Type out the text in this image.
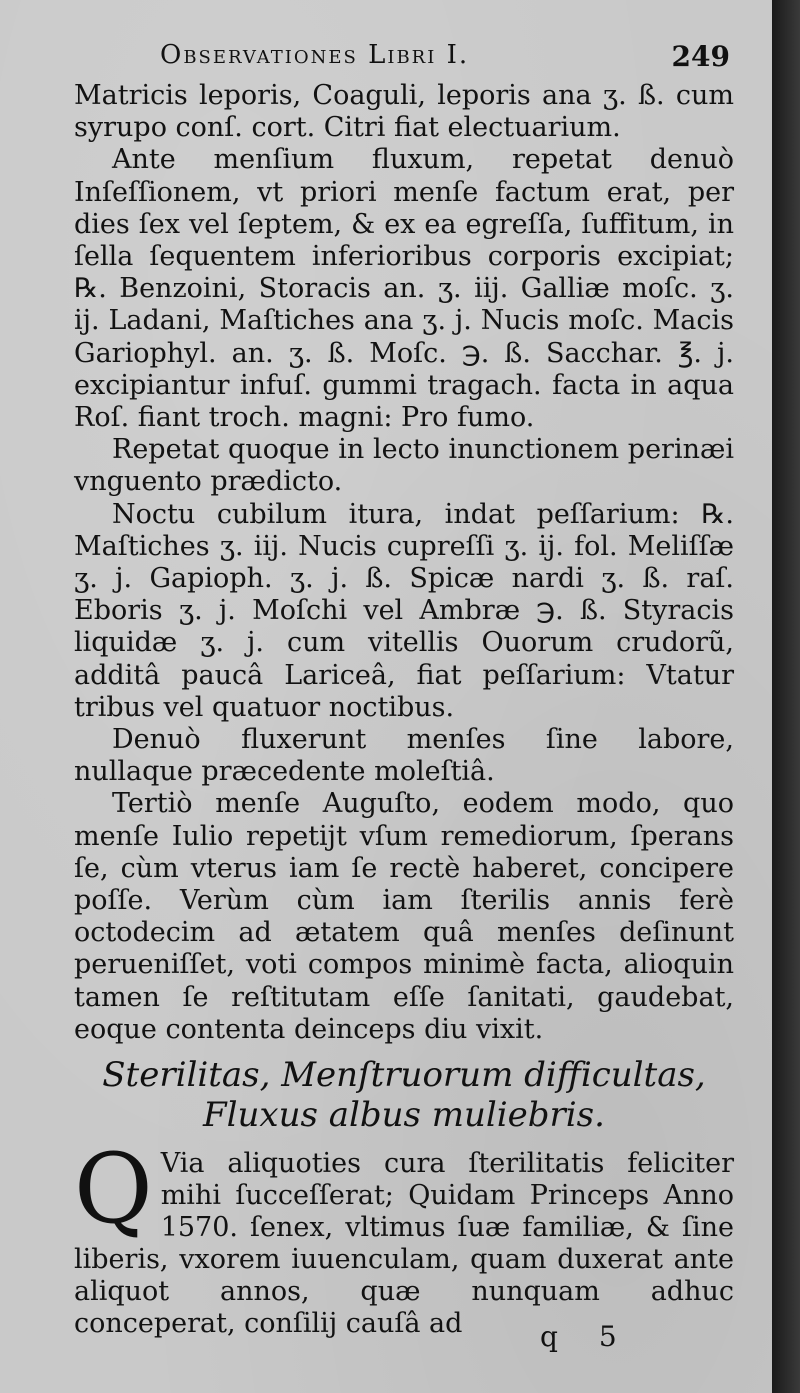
Observationes Libri I.	249

Matricis leporis, Coaguli, leporis ana ʒ. ß. cum syrupo conſ. cort. Citri fiat electuarium.

Ante menſium fluxum, repetat denuò Inſeſſionem, vt priori menſe factum erat, per dies ſex vel ſeptem, & ex ea egreſſa, ſuffitum, in ſella ſequentem inferioribus corporis excipiat; ℞. Benzoini, Storacis an. ʒ. iij. Galliæ moſc. ʒ. ij. Ladani, Maſtiches ana ʒ. j. Nucis moſc. Macis Gariophyl. an. ʒ. ß. Moſc. ℈. ß. Sacchar. ℥. j. excipiantur infuſ. gummi tragach. facta in aqua Roſ. fiant troch. magni: Pro fumo.

Repetat quoque in lecto inunctionem perinæi vnguento prædicto.

Noctu cubilum itura, indat peſſarium: ℞. Maſtiches ʒ. iij. Nucis cupreſſi ʒ. ij. fol. Meliſſæ ʒ. j. Gарioph. ʒ. j. ß. Spicæ nardi ʒ. ß. raſ. Eboris ʒ. j. Moſchi vel Ambræ ℈. ß. Styracis liquidæ ʒ. j. cum vitellis Ouorum crudorũ, additâ paucâ Lariceâ, fiat peſſarium: Vtatur tribus vel quatuor noctibus.

Denuò fluxerunt menſes ſine labore, nullaque præcedente moleſtiâ.

Tertiò menſe Auguſto, eodem modo, quo menſe Iulio repetijt vſum remediorum, ſperans ſe, cùm vterus iam ſe rectè haberet, concipere poſſe. Verùm cùm iam ſterilis annis ferè octodecim ad ætatem quâ menſes deſinunt perueniſſet, voti compos minimè facta, alioquin tamen ſe reſtitutam eſſe ſanitati, gaudebat, eoque contenta deinceps diu vixit.

Sterilitas, Menſtruorum difficultas,
Fluxus albus muliebris.
Q Via aliquoties cura ſterilitatis feliciter mihi ſucceſſerat; Quidam Princeps Anno 1570. ſenex, vltimus ſuæ familiæ, & ſine liberis, vxorem iuuenculam, quam duxerat ante aliquot annos, quæ nunquam adhuc conceperat, conſilij cauſâ ad	q 5
